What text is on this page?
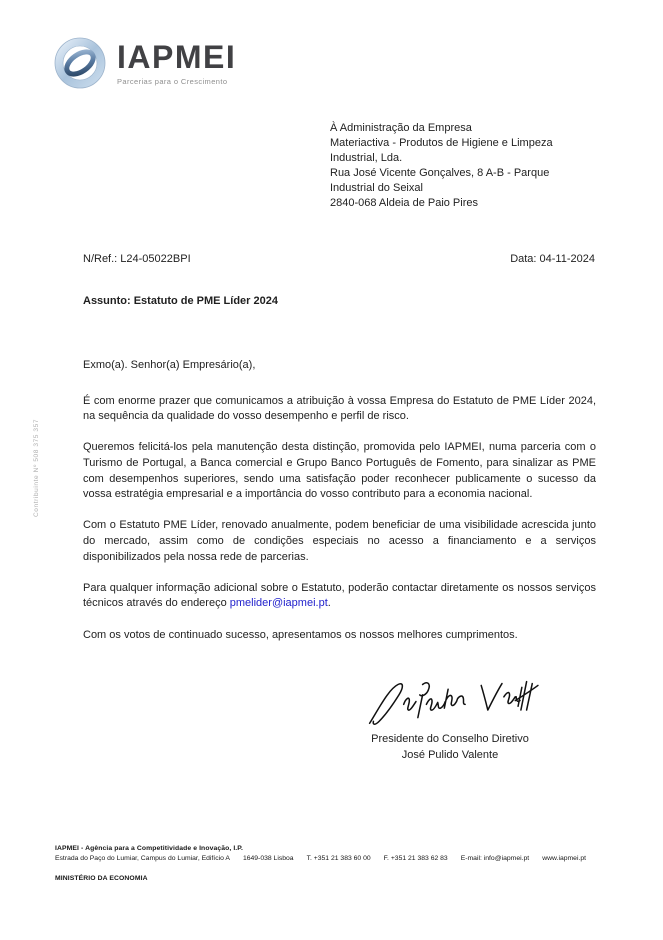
IAPMEI
Parcerias para o Crescimento
Contribuinte Nº 508 375 357
À Administração da Empresa
Materiactiva - Produtos de Higiene e Limpeza
Industrial, Lda.
Rua José Vicente Gonçalves, 8 A-B - Parque
Industrial do Seixal
2840-068 Aldeia de Paio Pires
N/Ref.: L24-05022BPI	Data: 04-11-2024
Assunto: Estatuto de PME Líder 2024

Exmo(a). Senhor(a) Empresário(a),

É com enorme prazer que comunicamos a atribuição à vossa Empresa do Estatuto de PME Líder 2024, na sequência da qualidade do vosso desempenho e perfil de risco.

Queremos felicitá-los pela manutenção desta distinção, promovida pelo IAPMEI, numa parceria com o Turismo de Portugal, a Banca comercial e Grupo Banco Português de Fomento, para sinalizar as PME com desempenhos superiores, sendo uma satisfação poder reconhecer publicamente o sucesso da vossa estratégia empresarial e a importância do vosso contributo para a economia nacional.

Com o Estatuto PME Líder, renovado anualmente, podem beneficiar de uma visibilidade acrescida junto do mercado, assim como de condições especiais no acesso a financiamento e a serviços disponibilizados pela nossa rede de parcerias.

Para qualquer informação adicional sobre o Estatuto, poderão contactar diretamente os nossos serviços técnicos através do endereço pmelider@iapmei.pt.

Com os votos de continuado sucesso, apresentamos os nossos melhores cumprimentos.

Presidente do Conselho Diretivo
José Pulido Valente
IAPMEI - Agência para a Competitividade e Inovação, I.P.
Estrada do Paço do Lumiar, Campus do Lumiar, Edifício A 1649-038 Lisboa T. +351 21 383 60 00 F. +351 21 383 62 83 E-mail: info@iapmei.pt www.iapmei.pt
MINISTÉRIO DA ECONOMIA
